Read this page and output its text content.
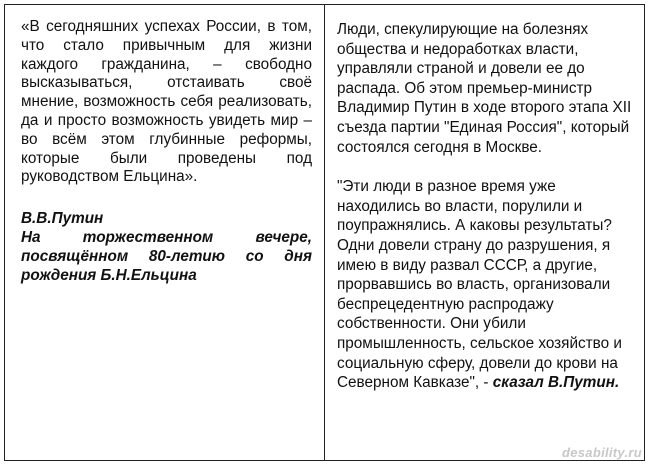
«В сегодняшних успехах России, в том, что стало привычным для жизни каждого гражданина, – свободно высказываться, отстаивать своё мнение, возможность себя реализовать, да и просто возможность увидеть мир – во всём этом глубинные реформы, которые были проведены под руководством Ельцина».

В.В.Путин
На торжественном вечере, посвящённом 80-летию со дня рождения Б.Н.Ельцина

Люди, спекулирующие на болезнях общества и недоработках власти, управляли страной и довели ее до распада. Об этом премьер-министр Владимир Путин в ходе второго этапа XII съезда партии "Единая Россия", который состоялся сегодня в Москве.

"Эти люди в разное время уже находились во власти, порулили и поупражнялись. А каковы результаты? Одни довели страну до разрушения, я имею в виду развал СССР, а другие, прорвавшись во власть, организовали беспрецедентную распродажу собственности. Они убили промышленность, сельское хозяйство и социальную сферу, довели до крови на Северном Кавказе", - сказал В.Путин.

desability.ru
